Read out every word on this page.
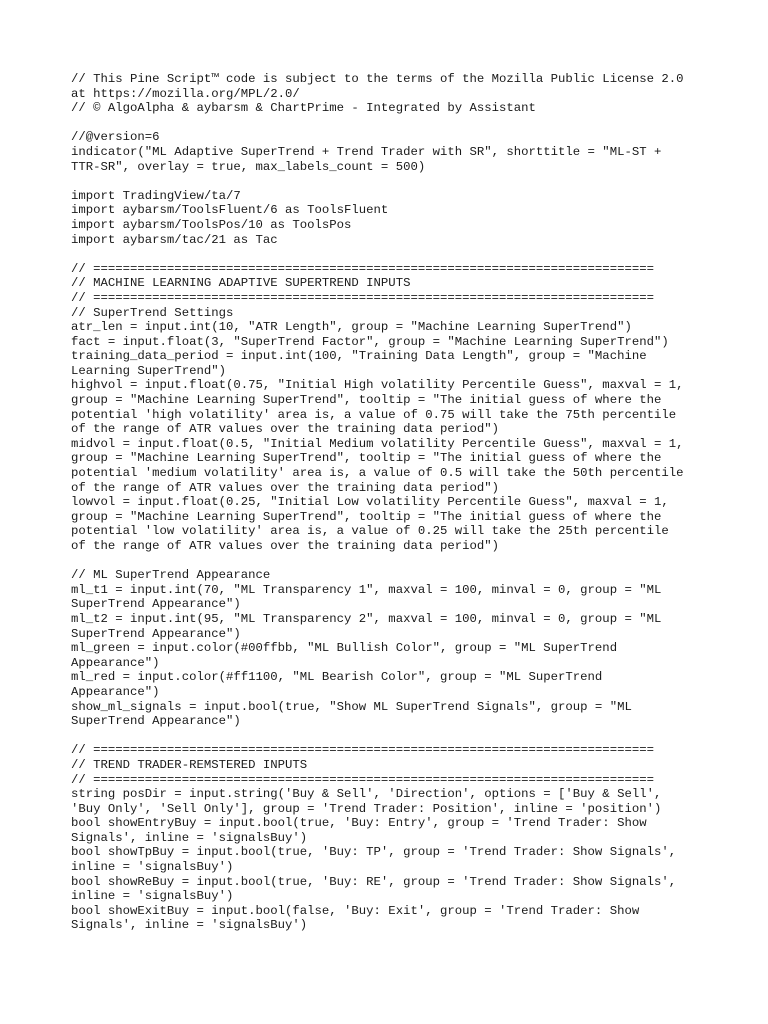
// This Pine Script™ code is subject to the terms of the Mozilla Public License 2.0
at https://mozilla.org/MPL/2.0/
// © AlgoAlpha & aybarsm & ChartPrime - Integrated by Assistant
//@version=6
indicator("ML Adaptive SuperTrend + Trend Trader with SR", shorttitle = "ML-ST +
TTR-SR", overlay = true, max_labels_count = 500)
import TradingView/ta/7
import aybarsm/ToolsFluent/6 as ToolsFluent
import aybarsm/ToolsPos/10 as ToolsPos
import aybarsm/tac/21 as Tac
// ============================================================================
// MACHINE LEARNING ADAPTIVE SUPERTREND INPUTS
// ============================================================================
// SuperTrend Settings
atr_len = input.int(10, "ATR Length", group = "Machine Learning SuperTrend")
fact = input.float(3, "SuperTrend Factor", group = "Machine Learning SuperTrend")
training_data_period = input.int(100, "Training Data Length", group = "Machine
Learning SuperTrend")
highvol = input.float(0.75, "Initial High volatility Percentile Guess", maxval = 1,
group = "Machine Learning SuperTrend", tooltip = "The initial guess of where the
potential 'high volatility' area is, a value of 0.75 will take the 75th percentile
of the range of ATR values over the training data period")
midvol = input.float(0.5, "Initial Medium volatility Percentile Guess", maxval = 1,
group = "Machine Learning SuperTrend", tooltip = "The initial guess of where the
potential 'medium volatility' area is, a value of 0.5 will take the 50th percentile
of the range of ATR values over the training data period")
lowvol = input.float(0.25, "Initial Low volatility Percentile Guess", maxval = 1,
group = "Machine Learning SuperTrend", tooltip = "The initial guess of where the
potential 'low volatility' area is, a value of 0.25 will take the 25th percentile
of the range of ATR values over the training data period")
// ML SuperTrend Appearance
ml_t1 = input.int(70, "ML Transparency 1", maxval = 100, minval = 0, group = "ML
SuperTrend Appearance")
ml_t2 = input.int(95, "ML Transparency 2", maxval = 100, minval = 0, group = "ML
SuperTrend Appearance")
ml_green = input.color(#00ffbb, "ML Bullish Color", group = "ML SuperTrend
Appearance")
ml_red = input.color(#ff1100, "ML Bearish Color", group = "ML SuperTrend
Appearance")
show_ml_signals = input.bool(true, "Show ML SuperTrend Signals", group = "ML
SuperTrend Appearance")
// ============================================================================
// TREND TRADER-REMSTERED INPUTS
// ============================================================================
string posDir = input.string('Buy & Sell', 'Direction', options = ['Buy & Sell',
'Buy Only', 'Sell Only'], group = 'Trend Trader: Position', inline = 'position')
bool showEntryBuy = input.bool(true, 'Buy: Entry', group = 'Trend Trader: Show
Signals', inline = 'signalsBuy')
bool showTpBuy = input.bool(true, 'Buy: TP', group = 'Trend Trader: Show Signals',
inline = 'signalsBuy')
bool showReBuy = input.bool(true, 'Buy: RE', group = 'Trend Trader: Show Signals',
inline = 'signalsBuy')
bool showExitBuy = input.bool(false, 'Buy: Exit', group = 'Trend Trader: Show
Signals', inline = 'signalsBuy')
